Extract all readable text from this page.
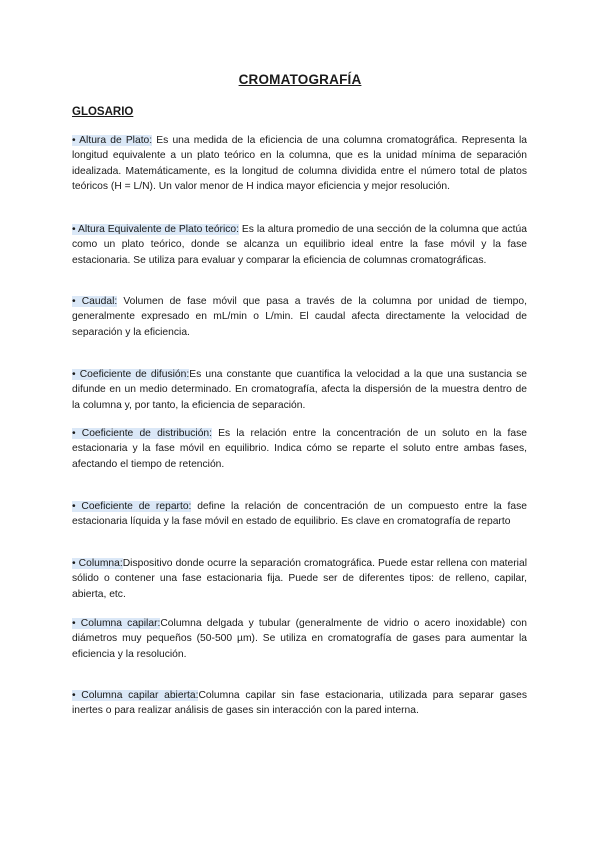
CROMATOGRAFÍA
GLOSARIO

• Altura de Plato: Es una medida de la eficiencia de una columna cromatográfica. Representa la longitud equivalente a un plato teórico en la columna, que es la unidad mínima de separación idealizada. Matemáticamente, es la longitud de columna dividida entre el número total de platos teóricos (H = L/N). Un valor menor de H indica mayor eficiencia y mejor resolución.

• Altura Equivalente de Plato teórico: Es la altura promedio de una sección de la columna que actúa como un plato teórico, donde se alcanza un equilibrio ideal entre la fase móvil y la fase estacionaria. Se utiliza para evaluar y comparar la eficiencia de columnas cromatográficas.

• Caudal: Volumen de fase móvil que pasa a través de la columna por unidad de tiempo, generalmente expresado en mL/min o L/min. El caudal afecta directamente la velocidad de separación y la eficiencia.

• Coeficiente de difusión:Es una constante que cuantifica la velocidad a la que una sustancia se difunde en un medio determinado. En cromatografía, afecta la dispersión de la muestra dentro de la columna y, por tanto, la eficiencia de separación.

• Coeficiente de distribución: Es la relación entre la concentración de un soluto en la fase estacionaria y la fase móvil en equilibrio. Indica cómo se reparte el soluto entre ambas fases, afectando el tiempo de retención.

• Coeficiente de reparto: define la relación de concentración de un compuesto entre la fase estacionaria líquida y la fase móvil en estado de equilibrio. Es clave en cromatografía de reparto

• Columna:Dispositivo donde ocurre la separación cromatográfica. Puede estar rellena con material sólido o contener una fase estacionaria fija. Puede ser de diferentes tipos: de relleno, capilar, abierta, etc.

• Columna capilar:Columna delgada y tubular (generalmente de vidrio o acero inoxidable) con diámetros muy pequeños (50-500 µm). Se utiliza en cromatografía de gases para aumentar la eficiencia y la resolución.

• Columna capilar abierta:Columna capilar sin fase estacionaria, utilizada para separar gases inertes o para realizar análisis de gases sin interacción con la pared interna.
